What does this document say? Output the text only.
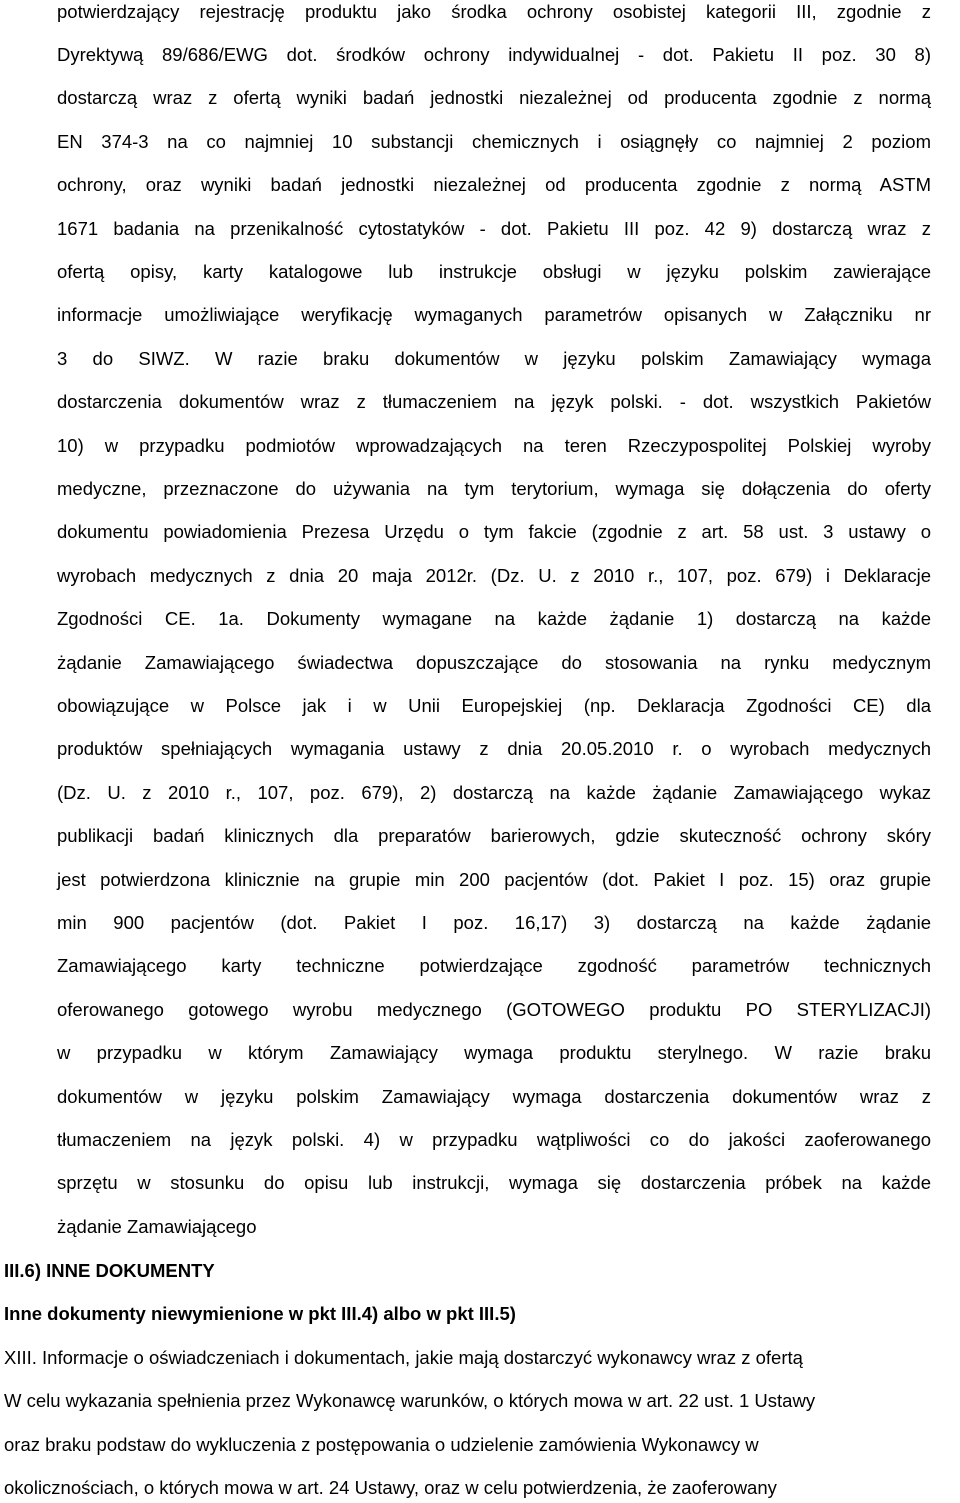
potwierdzający rejestrację produktu jako środka ochrony osobistej kategorii III, zgodnie z
Dyrektywą 89/686/EWG dot. środków ochrony indywidualnej - dot. Pakietu II poz. 30 8)
dostarczą wraz z ofertą wyniki badań jednostki niezależnej od producenta zgodnie z normą
EN 374-3 na co najmniej 10 substancji chemicznych i osiągnęły co najmniej 2 poziom
ochrony, oraz wyniki badań jednostki niezależnej od producenta zgodnie z normą ASTM
1671 badania na przenikalność cytostatyków - dot. Pakietu III poz. 42 9) dostarczą wraz z
ofertą opisy, karty katalogowe lub instrukcje obsługi w języku polskim zawierające
informacje umożliwiające weryfikację wymaganych parametrów opisanych w Załączniku nr
3 do SIWZ. W razie braku dokumentów w języku polskim Zamawiający wymaga
dostarczenia dokumentów wraz z tłumaczeniem na język polski. - dot. wszystkich Pakietów
10) w przypadku podmiotów wprowadzających na teren Rzeczypospolitej Polskiej wyroby
medyczne, przeznaczone do używania na tym terytorium, wymaga się dołączenia do oferty
dokumentu powiadomienia Prezesa Urzędu o tym fakcie (zgodnie z art. 58 ust. 3 ustawy o
wyrobach medycznych z dnia 20 maja 2012r. (Dz. U. z 2010 r., 107, poz. 679) i Deklaracje
Zgodności CE. 1a. Dokumenty wymagane na każde żądanie 1) dostarczą na każde
żądanie Zamawiającego świadectwa dopuszczające do stosowania na rynku medycznym
obowiązujące w Polsce jak i w Unii Europejskiej (np. Deklaracja Zgodności CE) dla
produktów spełniających wymagania ustawy z dnia 20.05.2010 r. o wyrobach medycznych
(Dz. U. z 2010 r., 107, poz. 679), 2) dostarczą na każde żądanie Zamawiającego wykaz
publikacji badań klinicznych dla preparatów barierowych, gdzie skuteczność ochrony skóry
jest potwierdzona klinicznie na grupie min 200 pacjentów (dot. Pakiet I poz. 15) oraz grupie
min 900 pacjentów (dot. Pakiet I poz. 16,17) 3) dostarczą na każde żądanie
Zamawiającego karty techniczne potwierdzające zgodność parametrów technicznych
oferowanego gotowego wyrobu medycznego (GOTOWEGO produktu PO STERYLIZACJI)
w przypadku w którym Zamawiający wymaga produktu sterylnego. W razie braku
dokumentów w języku polskim Zamawiający wymaga dostarczenia dokumentów wraz z
tłumaczeniem na język polski. 4) w przypadku wątpliwości co do jakości zaoferowanego
sprzętu w stosunku do opisu lub instrukcji, wymaga się dostarczenia próbek na każde
żądanie Zamawiającego
III.6) INNE DOKUMENTY
Inne dokumenty niewymienione w pkt III.4) albo w pkt III.5)
XIII. Informacje o oświadczeniach i dokumentach, jakie mają dostarczyć wykonawcy wraz z ofertą
W celu wykazania spełnienia przez Wykonawcę warunków, o których mowa w art. 22 ust. 1 Ustawy
oraz braku podstaw do wykluczenia z postępowania o udzielenie zamówienia Wykonawcy w
okolicznościach, o których mowa w art. 24 Ustawy, oraz w celu potwierdzenia, że zaoferowany
